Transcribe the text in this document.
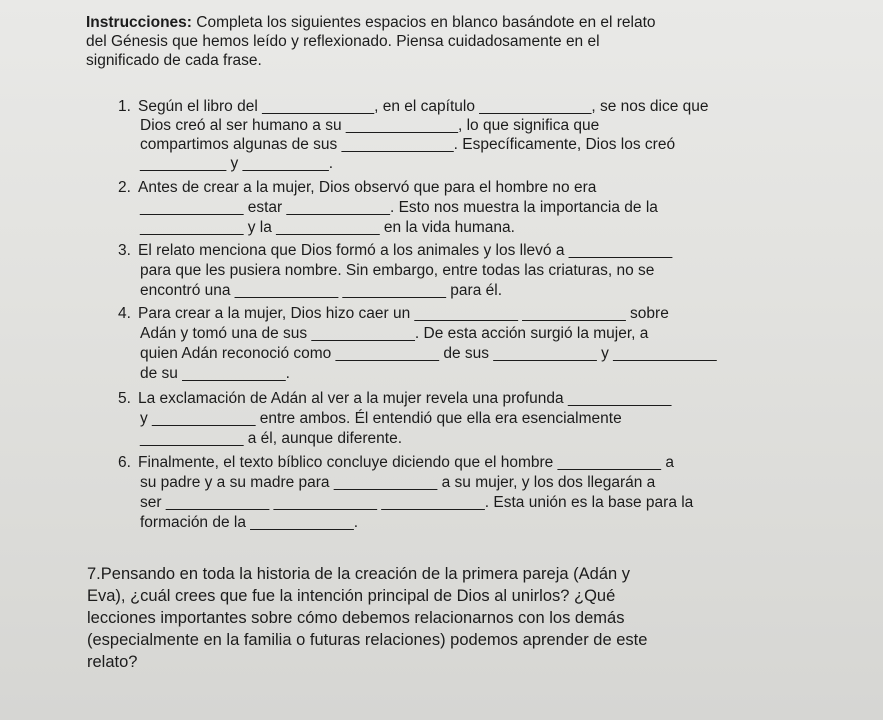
Instrucciones: Completa los siguientes espacios en blanco basándote en el relato
del Génesis que hemos leído y reflexionado. Piensa cuidadosamente en el
significado de cada frase.
1. Según el libro del _____________, en el capítulo _____________, se nos dice que
Dios creó al ser humano a su _____________, lo que significa que
compartimos algunas de sus _____________. Específicamente, Dios los creó
__________ y __________.
2. Antes de crear a la mujer, Dios observó que para el hombre no era
____________ estar ____________. Esto nos muestra la importancia de la
____________ y la ____________ en la vida humana.
3. El relato menciona que Dios formó a los animales y los llevó a ____________
para que les pusiera nombre. Sin embargo, entre todas las criaturas, no se
encontró una ____________ ____________ para él.
4. Para crear a la mujer, Dios hizo caer un ____________ ____________ sobre
Adán y tomó una de sus ____________. De esta acción surgió la mujer, a
quien Adán reconoció como ____________ de sus ____________ y ____________
de su ____________.
5. La exclamación de Adán al ver a la mujer revela una profunda ____________
y ____________ entre ambos. Él entendió que ella era esencialmente
____________ a él, aunque diferente.
6. Finalmente, el texto bíblico concluye diciendo que el hombre ____________ a
su padre y a su madre para ____________ a su mujer, y los dos llegarán a
ser ____________ ____________ ____________. Esta unión es la base para la
formación de la ____________.
7.Pensando en toda la historia de la creación de la primera pareja (Adán y
Eva), ¿cuál crees que fue la intención principal de Dios al unirlos? ¿Qué
lecciones importantes sobre cómo debemos relacionarnos con los demás
(especialmente en la familia o futuras relaciones) podemos aprender de este
relato?
